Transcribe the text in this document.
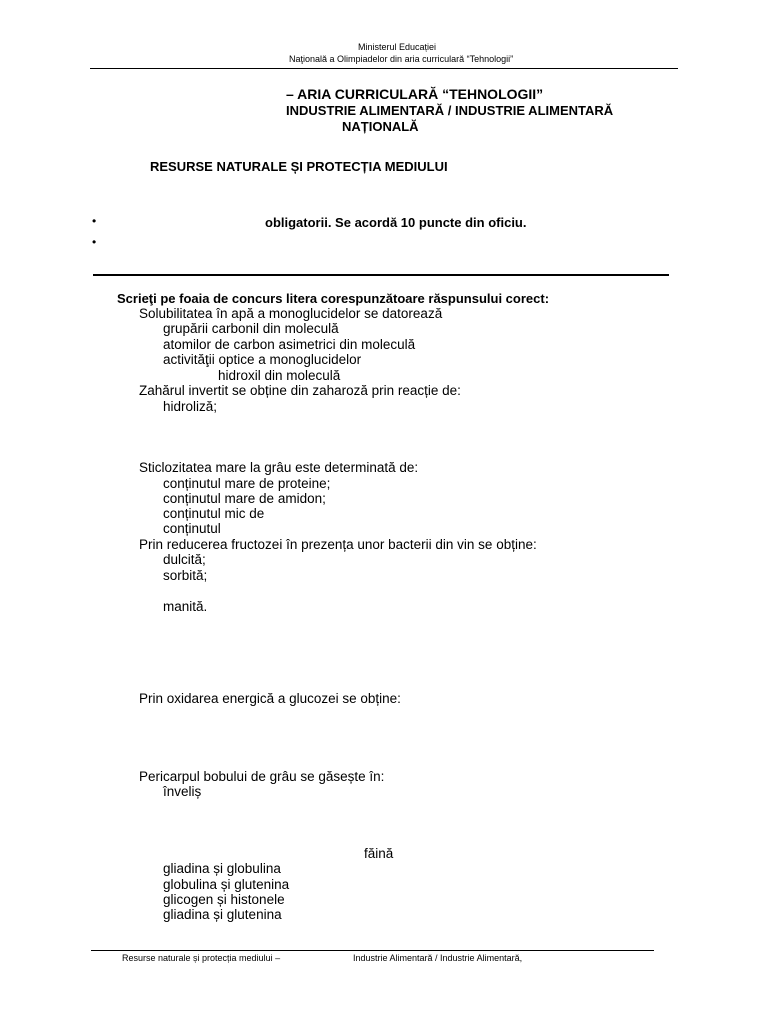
Ministerul Educației
Naţională a Olimpiadelor din aria curriculară “Tehnologii”
– ARIA CURRICULARĂ “TEHNOLOGII”
INDUSTRIE ALIMENTARĂ / INDUSTRIE ALIMENTARĂ
NAȚIONALĂ
RESURSE NATURALE ȘI PROTECȚIA MEDIULUI
•	obligatorii. Se acordă 10 puncte din oficiu.
•
Scrieţi pe foaia de concurs litera corespunzătoare răspunsului corect:
Solubilitatea în apă a monoglucidelor se datorează
grupării carbonil din moleculă
atomilor de carbon asimetrici din moleculă
activităţii optice a monoglucidelor
hidroxil din moleculă
Zahărul invertit se obține din zaharoză prin reacție de:
hidroliză;
Sticlozitatea mare la grâu este determinată de:
conținutul mare de proteine;
conținutul mare de amidon;
conținutul mic de
conținutul
Prin reducerea fructozei în prezența unor bacterii din vin se obține:
dulcită;
sorbită;
manită.
Prin oxidarea energică a glucozei se obține:
Pericarpul bobului de grâu se găsește în:
înveliș
făină
gliadina și globulina
globulina și glutenina
glicogen și histonele
gliadina și glutenina
Resurse naturale și protecția mediului –	Industrie Alimentară / Industrie Alimentară,
